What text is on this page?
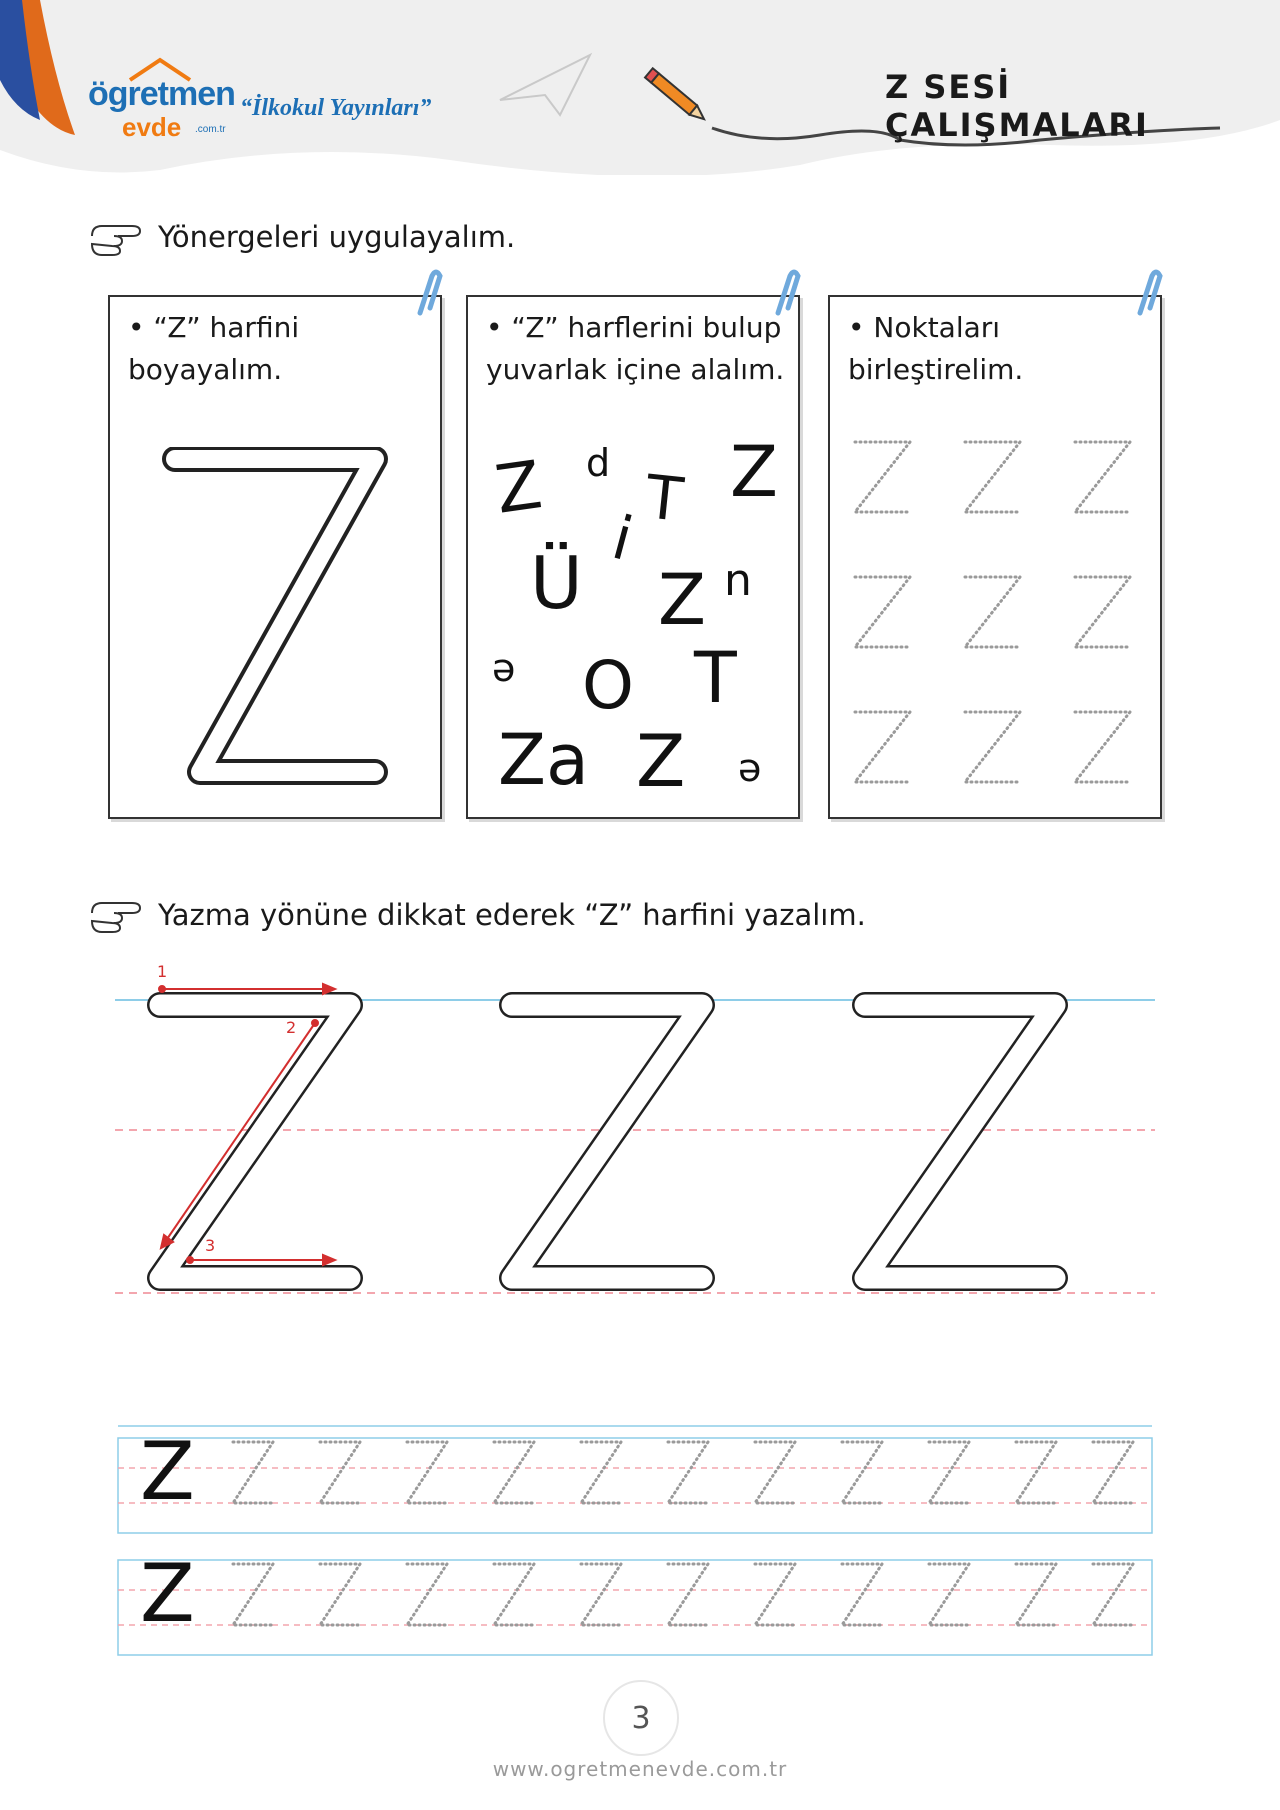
ögretmen
evde .com.tr
“İlkokul Yayınları”
Z SESİ ÇALIŞMALARI
Yönergeleri uygulayalım.
• “Z” harfini boyayalım.
• “Z” harflerini bulup yuvarlak içine alalım.
Z p T Z
i
Ü Z n
ə O T
Za Z ə
• Noktaları birleştirelim.
Yazma yönüne dikkat ederek “Z” harfini yazalım.
1
2
3
Z
Z
3
www.ogretmenevde.com.tr
